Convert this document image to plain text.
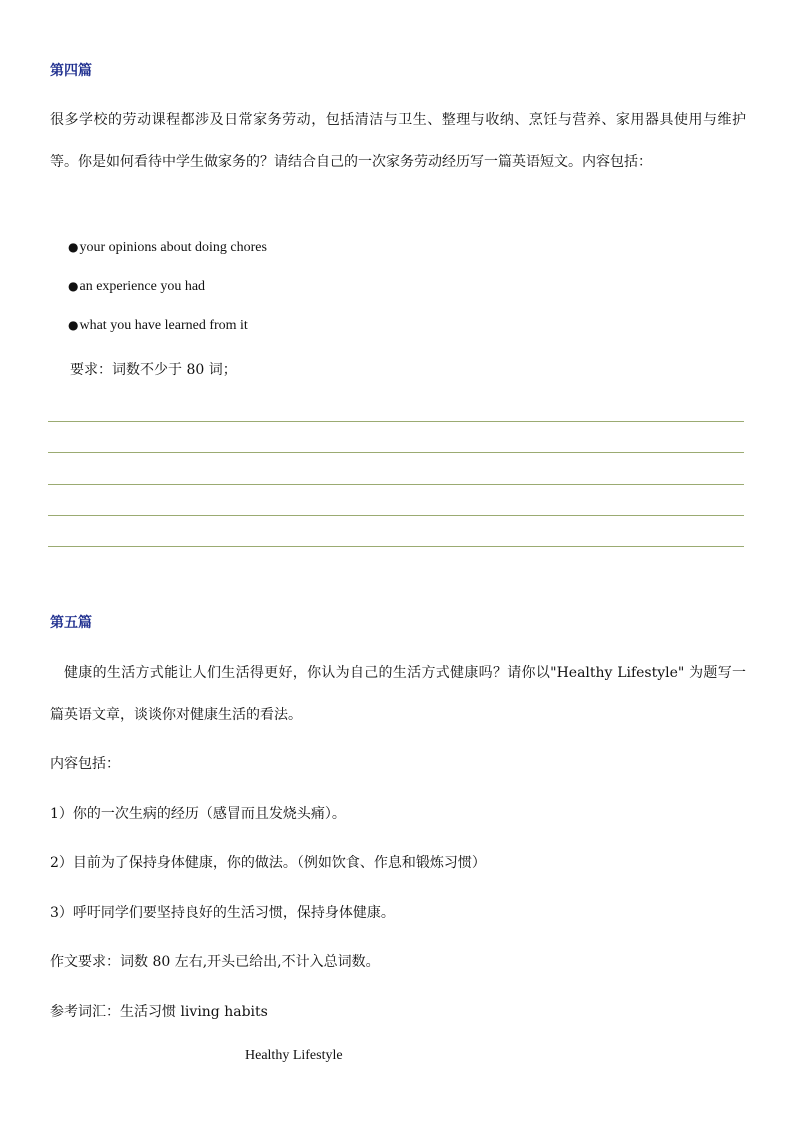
第四篇
很多学校的劳动课程都涉及日常家务劳动，包括清洁与卫生、整理与收纳、烹饪与营养、家用器具使用与维护等。你是如何看待中学生做家务的？请结合自己的一次家务劳动经历写一篇英语短文。内容包括：
●your opinions about doing chores
●an experience you had
●what you have learned from it
要求：词数不少于 80 词；
第五篇
健康的生活方式能让人们生活得更好，你认为自己的生活方式健康吗？请你以"Healthy Lifestyle" 为题写一篇英语文章，谈谈你对健康生活的看法。
内容包括：
1）你的一次生病的经历（感冒而且发烧头痛）。
2）目前为了保持身体健康，你的做法。（例如饮食、作息和锻炼习惯）
3）呼吁同学们要坚持良好的生活习惯，保持身体健康。
作文要求：词数 80 左右,开头已给出,不计入总词数。
参考词汇：生活习惯 living habits
Healthy Lifestyle
